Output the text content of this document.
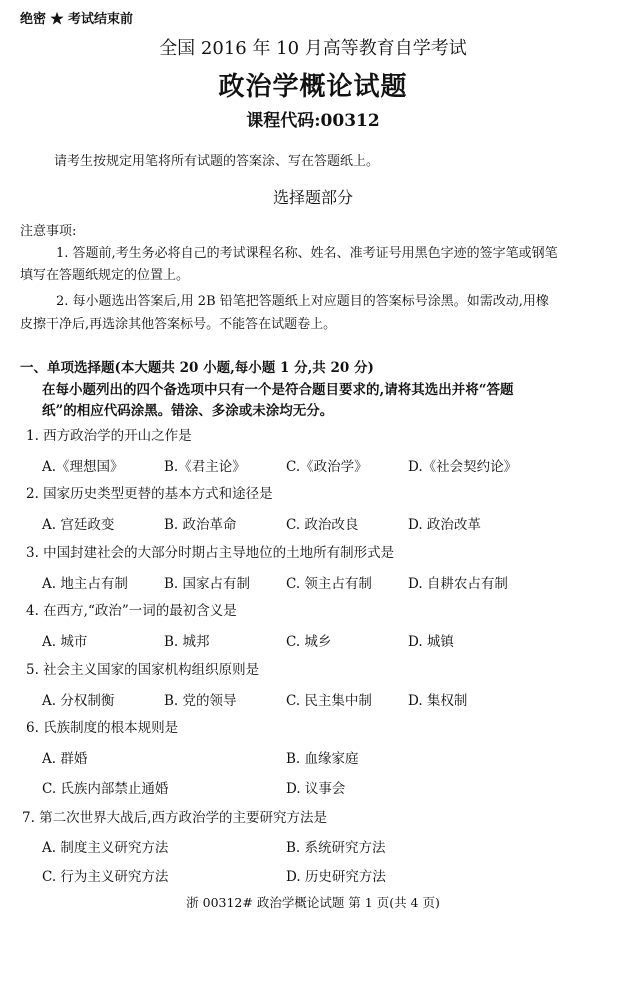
绝密 ★ 考试结束前
全国 2016 年 10 月高等教育自学考试
政治学概论试题
课程代码:00312
请考生按规定用笔将所有试题的答案涂、写在答题纸上。
选择题部分
注意事项:
1. 答题前,考生务必将自己的考试课程名称、姓名、准考证号用黑色字迹的签字笔或钢笔
填写在答题纸规定的位置上。
2. 每小题选出答案后,用 2B 铅笔把答题纸上对应题目的答案标号涂黑。如需改动,用橡
皮擦干净后,再选涂其他答案标号。不能答在试题卷上。
一、单项选择题(本大题共 20 小题,每小题 1 分,共 20 分)
在每小题列出的四个备选项中只有一个是符合题目要求的,请将其选出并将“答题
纸”的相应代码涂黑。错涂、多涂或未涂均无分。
1. 西方政治学的开山之作是
A.《理想国》	B.《君主论》	C.《政治学》	D.《社会契约论》
2. 国家历史类型更替的基本方式和途径是
A. 宫廷政变	B. 政治革命	C. 政治改良	D. 政治改革
3. 中国封建社会的大部分时期占主导地位的土地所有制形式是
A. 地主占有制	B. 国家占有制	C. 领主占有制	D. 自耕农占有制
4. 在西方,“政治”一词的最初含义是
A. 城市	B. 城邦	C. 城乡	D. 城镇
5. 社会主义国家的国家机构组织原则是
A. 分权制衡	B. 党的领导	C. 民主集中制	D. 集权制
6. 氏族制度的根本规则是
A. 群婚	B. 血缘家庭
C. 氏族内部禁止通婚	D. 议事会
7. 第二次世界大战后,西方政治学的主要研究方法是
A. 制度主义研究方法	B. 系统研究方法
C. 行为主义研究方法	D. 历史研究方法
浙 00312# 政治学概论试题 第 1 页(共 4 页)
